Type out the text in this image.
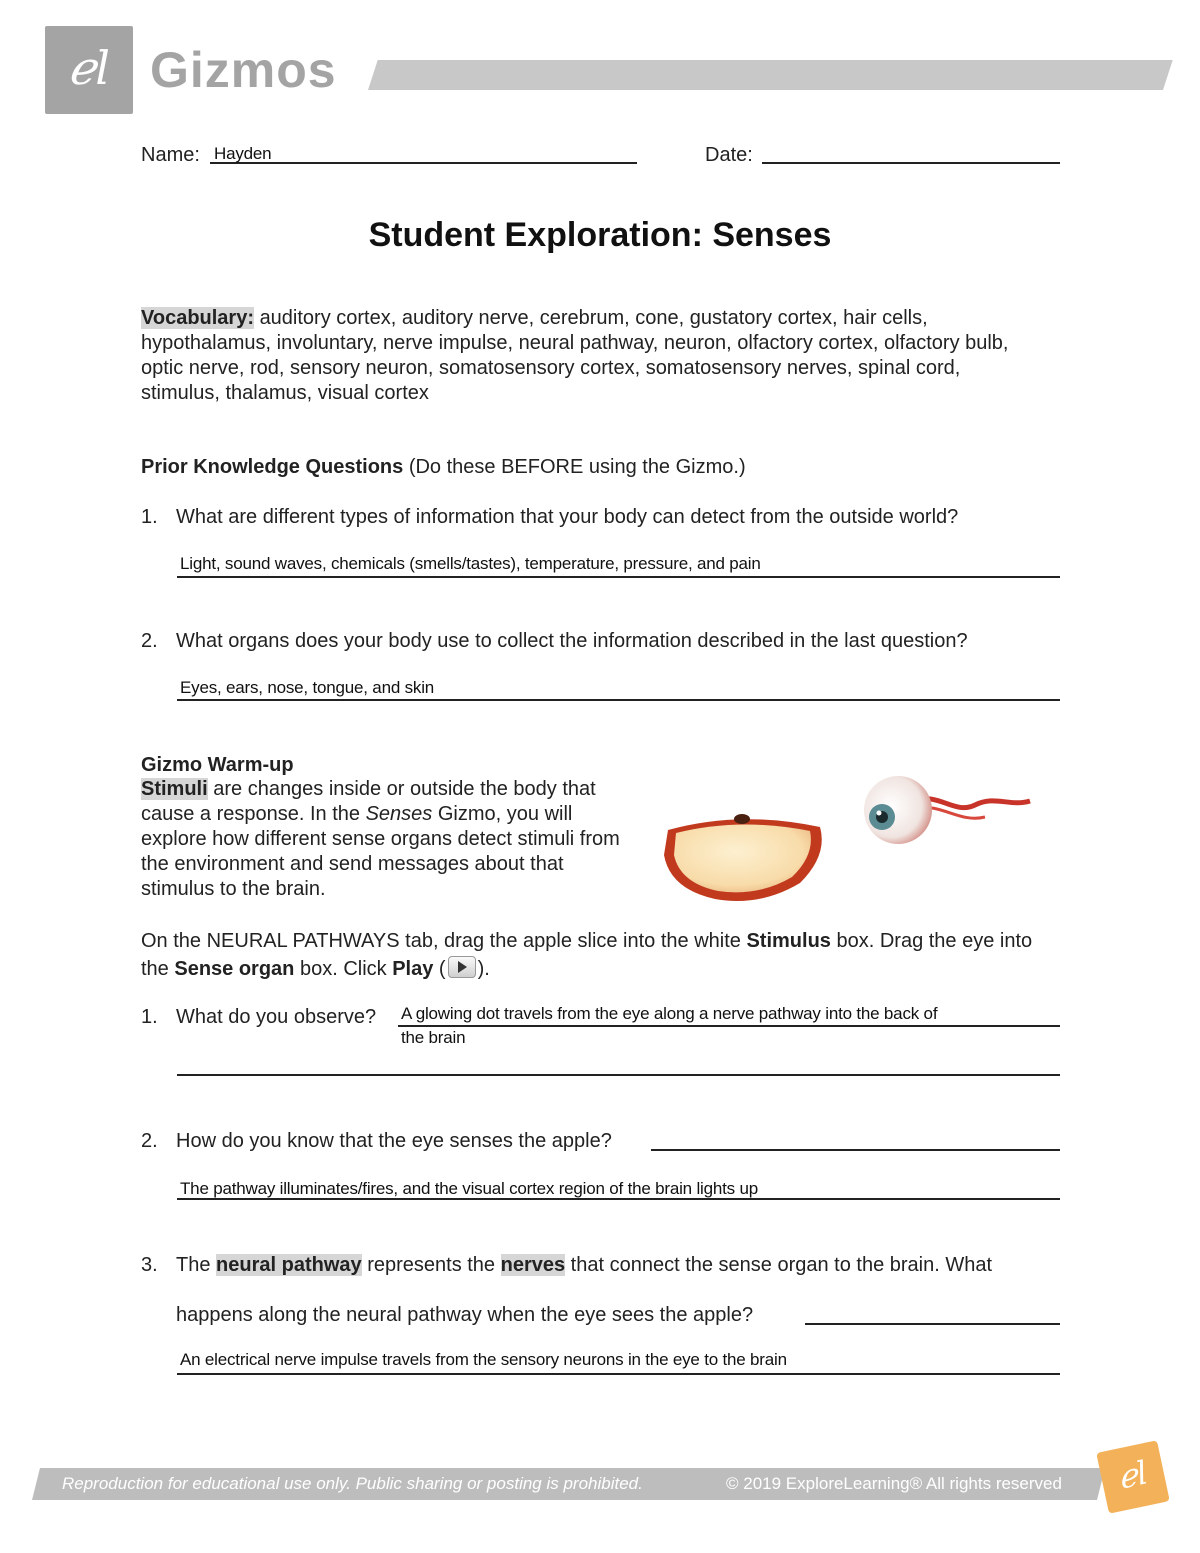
ℯl Gizmos
Name: Hayden	Date:
Student Exploration: Senses
Vocabulary: auditory cortex, auditory nerve, cerebrum, cone, gustatory cortex, hair cells, hypothalamus, involuntary, nerve impulse, neural pathway, neuron, olfactory cortex, olfactory bulb, optic nerve, rod, sensory neuron, somatosensory cortex, somatosensory nerves, spinal cord, stimulus, thalamus, visual cortex
Prior Knowledge Questions (Do these BEFORE using the Gizmo.)
1. What are different types of information that your body can detect from the outside world?
Light, sound waves, chemicals (smells/tastes), temperature, pressure, and pain
2. What organs does your body use to collect the information described in the last question?
Eyes, ears, nose, tongue, and skin
Gizmo Warm-up
Stimuli are changes inside or outside the body that cause a response. In the Senses Gizmo, you will explore how different sense organs detect stimuli from the environment and send messages about that stimulus to the brain.
On the NEURAL PATHWAYS tab, drag the apple slice into the white Stimulus box. Drag the eye into the Sense organ box. Click Play ( ).
1. What do you observe? A glowing dot travels from the eye along a nerve pathway into the back of
the brain
2. How do you know that the eye senses the apple?
The pathway illuminates/fires, and the visual cortex region of the brain lights up
3. The neural pathway represents the nerves that connect the sense organ to the brain. What
happens along the neural pathway when the eye sees the apple?
An electrical nerve impulse travels from the sensory neurons in the eye to the brain
Reproduction for educational use only. Public sharing or posting is prohibited.	© 2019 ExploreLearning® All rights reserved	ℯl
